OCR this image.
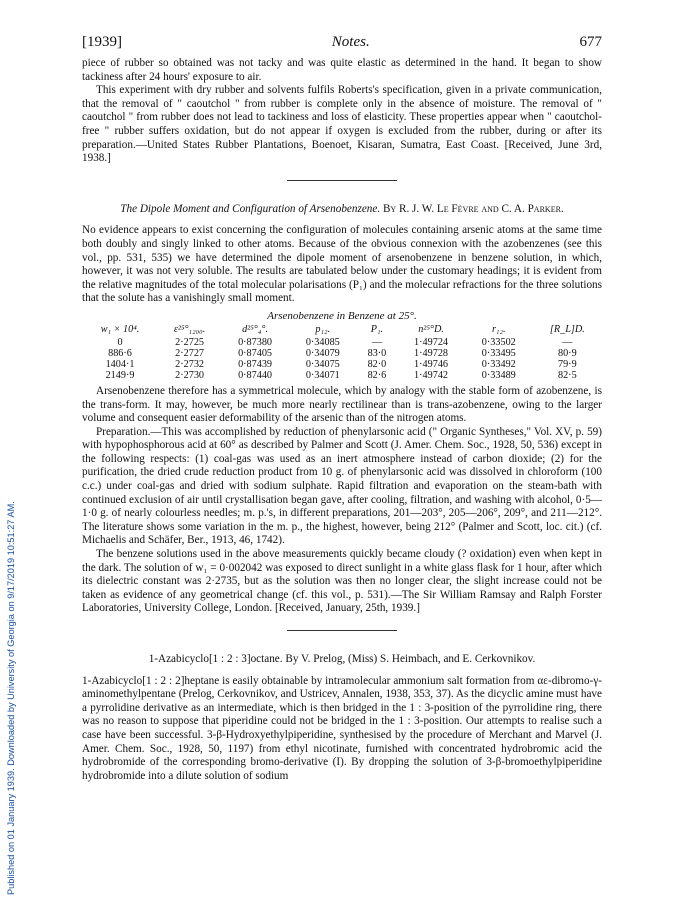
Published on 01 January 1939. Downloaded by University of Georgia on 9/17/2019 10:51:27 AM.
[1939]	Notes.	677

piece of rubber so obtained was not tacky and was quite elastic as determined in the hand. It began to show tackiness after 24 hours' exposure to air.

This experiment with dry rubber and solvents fulfils Roberts's specification, given in a private communication, that the removal of " caoutchol " from rubber is complete only in the absence of moisture. The removal of " caoutchol " from rubber does not lead to tackiness and loss of elasticity. These properties appear when " caoutchol-free " rubber suffers oxidation, but do not appear if oxygen is excluded from the rubber, during or after its preparation.—United States Rubber Plantations, Boenoet, Kisaran, Sumatra, East Coast. [Received, June 3rd, 1938.]

The Dipole Moment and Configuration of Arsenobenzene. By R. J. W. Le Fèvre and C. A. Parker.

No evidence appears to exist concerning the configuration of molecules containing arsenic atoms at the same time both doubly and singly linked to other atoms. Because of the obvious connexion with the azobenzenes (see this vol., pp. 531, 535) we have determined the dipole moment of arsenobenzene in benzene solution, in which, however, it was not very soluble. The results are tabulated below under the customary headings; it is evident from the relative magnitudes of the total molecular polarisations (P₁) and the molecular refractions for the three solutions that the solute has a vanishingly small moment.

Arsenobenzene in Benzene at 25°.
w₁ × 10⁴.	ε²⁵°₁₂₀₀.	d²⁵°₄°.	p₁₂.	P₁.	n²⁵°D.	r₁₂.	[R_L]D.
0	2·2725	0·87380	0·34085	—	1·49724	0·33502	—
886·6	2·2727	0·87405	0·34079	83·0	1·49728	0·33495	80·9
1404·1	2·2732	0·87439	0·34075	82·0	1·49746	0·33492	79·9
2149·9	2·2730	0·87440	0·34071	82·6	1·49742	0·33489	82·5

Arsenobenzene therefore has a symmetrical molecule, which by analogy with the stable form of azobenzene, is the trans-form. It may, however, be much more nearly rectilinear than is trans-azobenzene, owing to the larger volume and consequent easier deformability of the arsenic than of the nitrogen atoms.

Preparation.—This was accomplished by reduction of phenylarsonic acid (" Organic Syntheses," Vol. XV, p. 59) with hypophosphorous acid at 60° as described by Palmer and Scott (J. Amer. Chem. Soc., 1928, 50, 536) except in the following respects: (1) coal-gas was used as an inert atmosphere instead of carbon dioxide; (2) for the purification, the dried crude reduction product from 10 g. of phenylarsonic acid was dissolved in chloroform (100 c.c.) under coal-gas and dried with sodium sulphate. Rapid filtration and evaporation on the steam-bath with continued exclusion of air until crystallisation began gave, after cooling, filtration, and washing with alcohol, 0·5—1·0 g. of nearly colourless needles; m. p.'s, in different preparations, 201—203°, 205—206°, 209°, and 211—212°. The literature shows some variation in the m. p., the highest, however, being 212° (Palmer and Scott, loc. cit.) (cf. Michaelis and Schäfer, Ber., 1913, 46, 1742).

The benzene solutions used in the above measurements quickly became cloudy (? oxidation) even when kept in the dark. The solution of w₁ = 0·002042 was exposed to direct sunlight in a white glass flask for 1 hour, after which its dielectric constant was 2·2735, but as the solution was then no longer clear, the slight increase could not be taken as evidence of any geometrical change (cf. this vol., p. 531).—The Sir William Ramsay and Ralph Forster Laboratories, University College, London. [Received, January, 25th, 1939.]

1-Azabicyclo[1 : 2 : 3]octane. By V. Prelog, (Miss) S. Heimbach, and E. Cerkovnikov.

1-Azabicyclo[1 : 2 : 2]heptane is easily obtainable by intramolecular ammonium salt formation from αε-dibromo-γ-aminomethylpentane (Prelog, Cerkovnikov, and Ustricev, Annalen, 1938, 353, 37). As the dicyclic amine must have a pyrrolidine derivative as an intermediate, which is then bridged in the 1 : 3-position of the pyrrolidine ring, there was no reason to suppose that piperidine could not be bridged in the 1 : 3-position. Our attempts to realise such a case have been successful. 3-β-Hydroxyethylpiperidine, synthesised by the procedure of Merchant and Marvel (J. Amer. Chem. Soc., 1928, 50, 1197) from ethyl nicotinate, furnished with concentrated hydrobromic acid the hydrobromide of the corresponding bromo-derivative (I). By dropping the solution of 3-β-bromoethylpiperidine hydrobromide into a dilute solution of sodium
